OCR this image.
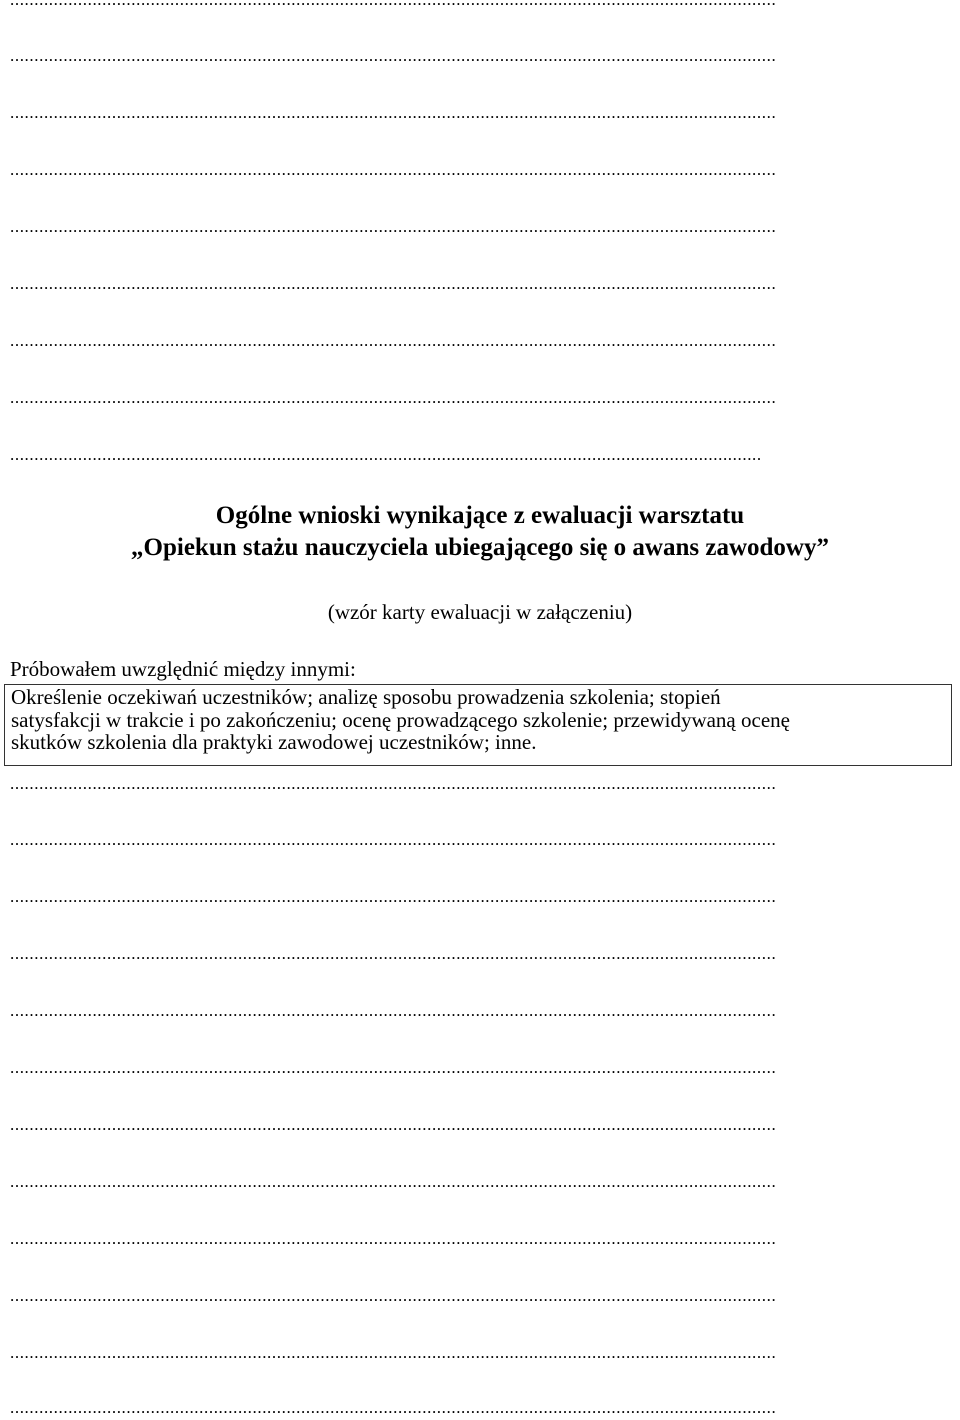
..............................................................................................................................................................
..............................................................................................................................................................
..............................................................................................................................................................
..............................................................................................................................................................
..............................................................................................................................................................
..............................................................................................................................................................
..............................................................................................................................................................
...........................................................................................................................................................
Ogólne wnioski wynikające z ewaluacji warsztatu
„Opiekun stażu nauczyciela ubiegającego się o awans zawodowy”
(wzór karty ewaluacji w załączeniu)
Próbowałem uwzględnić między innymi:
Określenie oczekiwań uczestników; analizę sposobu prowadzenia szkolenia; stopień
satysfakcji w trakcie i po zakończeniu; ocenę prowadzącego szkolenie; przewidywaną ocenę
skutków szkolenia dla praktyki zawodowej uczestników; inne.
..............................................................................................................................................................
..............................................................................................................................................................
..............................................................................................................................................................
..............................................................................................................................................................
..............................................................................................................................................................
..............................................................................................................................................................
..............................................................................................................................................................
..............................................................................................................................................................
..............................................................................................................................................................
..............................................................................................................................................................
..............................................................................................................................................................
..............................................................................................................................................................
